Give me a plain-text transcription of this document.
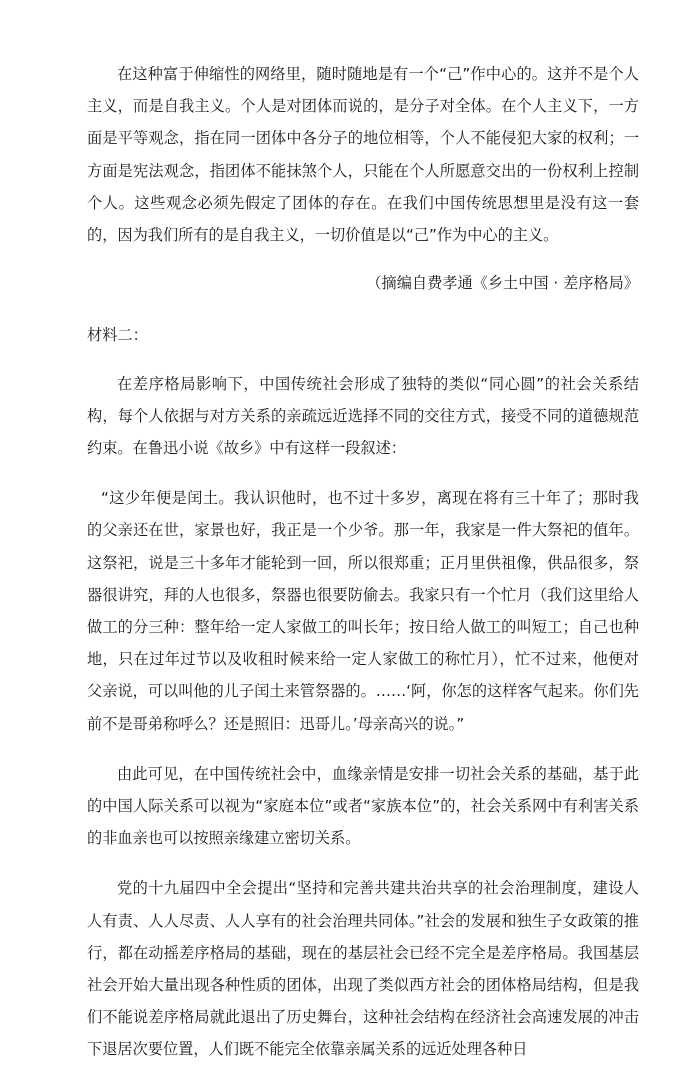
在这种富于伸缩性的网络里，随时随地是有一个“己”作中心的。这并不是个人主义，而是自我主义。个人是对团体而说的，是分子对全体。在个人主义下，一方面是平等观念，指在同一团体中各分子的地位相等，个人不能侵犯大家的权利；一方面是宪法观念，指团体不能抹煞个人，只能在个人所愿意交出的一份权利上控制个人。这些观念必须先假定了团体的存在。在我们中国传统思想里是没有这一套的，因为我们所有的是自我主义，一切价值是以“己”作为中心的主义。

（摘编自费孝通《乡土中国 · 差序格局》

材料二：

在差序格局影响下，中国传统社会形成了独特的类似“同心圆”的社会关系结构，每个人依据与对方关系的亲疏远近选择不同的交往方式，接受不同的道德规范约束。在鲁迅小说《故乡》中有这样一段叙述：

“这少年便是闰土。我认识他时，也不过十多岁，离现在将有三十年了；那时我的父亲还在世，家景也好，我正是一个少爷。那一年，我家是一件大祭祀的值年。这祭祀，说是三十多年才能轮到一回，所以很郑重；正月里供祖像，供品很多，祭器很讲究，拜的人也很多，祭器也很要防偷去。我家只有一个忙月（我们这里给人做工的分三种：整年给一定人家做工的叫长年；按日给人做工的叫短工；自己也种地，只在过年过节以及收租时候来给一定人家做工的称忙月），忙不过来，他便对父亲说，可以叫他的儿子闰土来管祭器的。……‘阿，你怎的这样客气起来。你们先前不是哥弟称呼么？还是照旧：迅哥儿。’母亲高兴的说。”

由此可见，在中国传统社会中，血缘亲情是安排一切社会关系的基础，基于此的中国人际关系可以视为“家庭本位”或者“家族本位”的，社会关系网中有利害关系的非血亲也可以按照亲缘建立密切关系。

党的十九届四中全会提出“坚持和完善共建共治共享的社会治理制度，建设人人有责、人人尽责、人人享有的社会治理共同体。”社会的发展和独生子女政策的推行，都在动摇差序格局的基础，现在的基层社会已经不完全是差序格局。我国基层社会开始大量出现各种性质的团体，出现了类似西方社会的团体格局结构，但是我们不能说差序格局就此退出了历史舞台，这种社会结构在经济社会高速发展的冲击下退居次要位置，人们既不能完全依靠亲属关系的远近处理各种日
